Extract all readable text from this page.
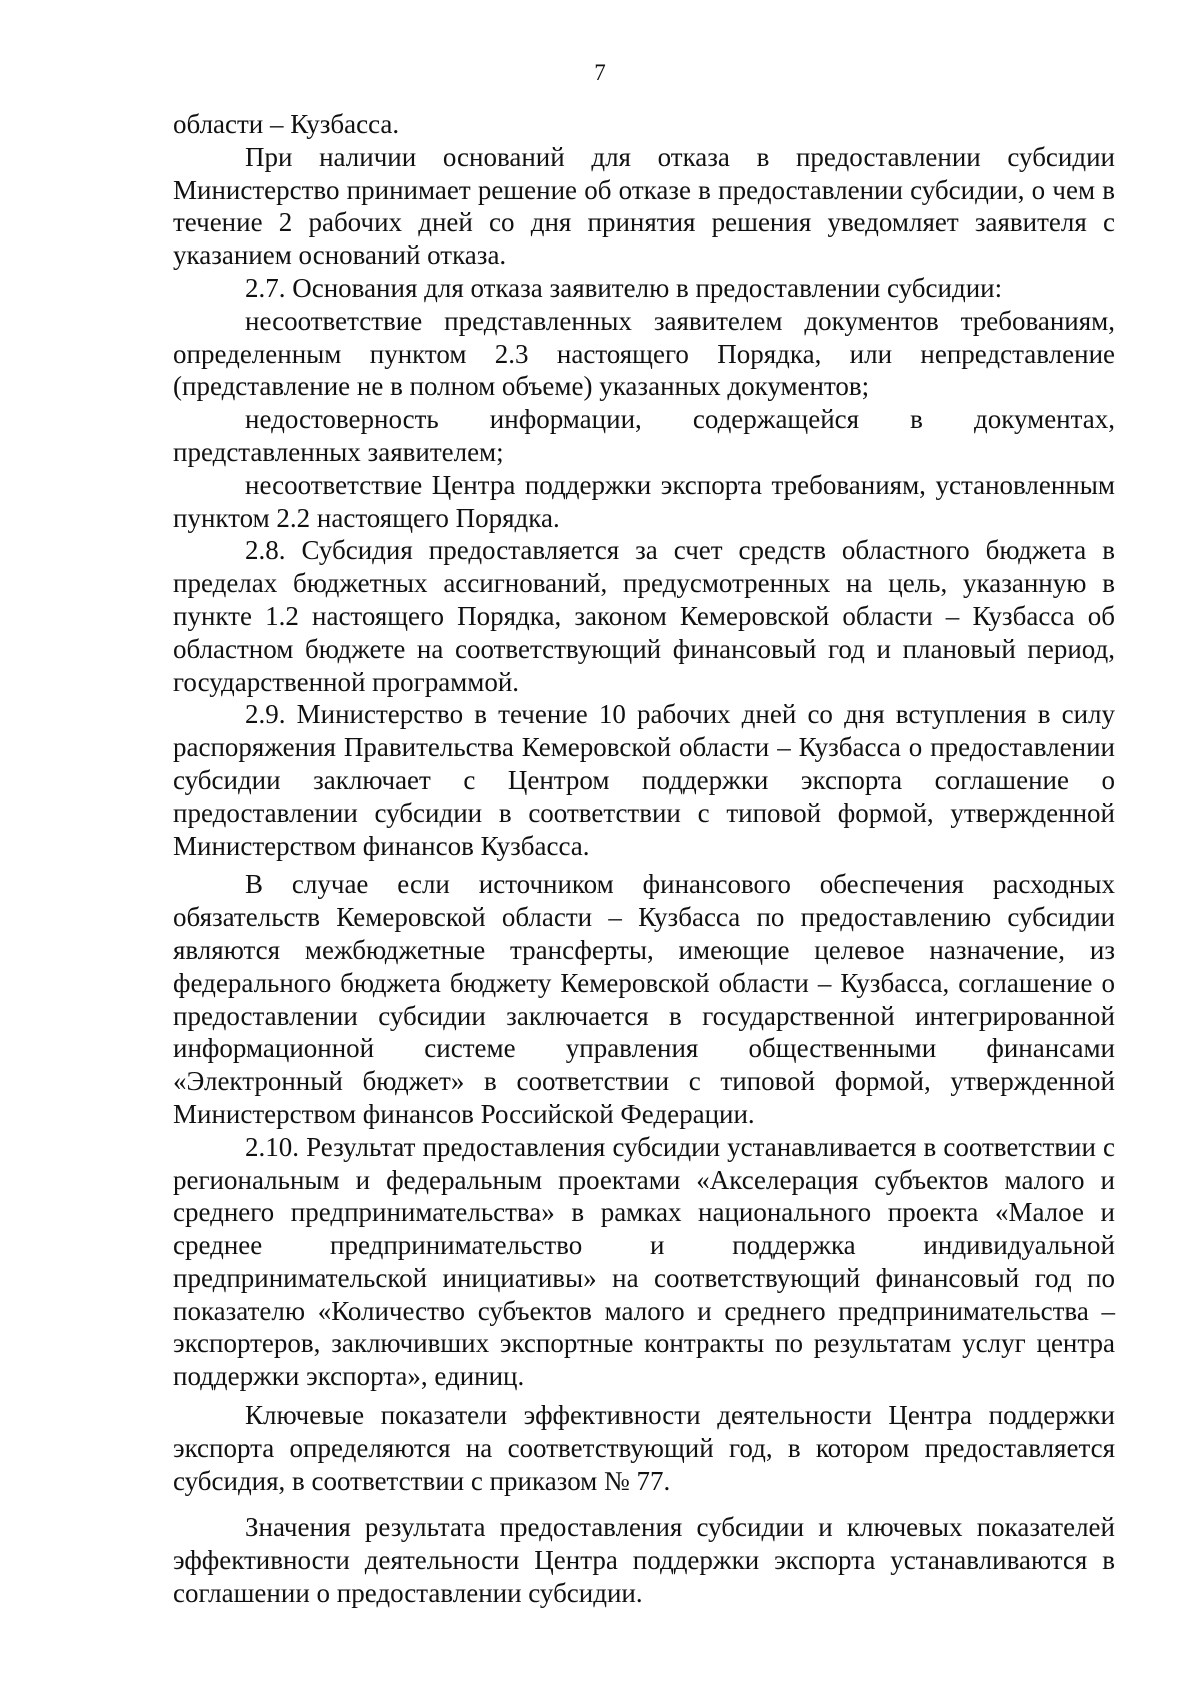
7

области – Кузбасса.

При наличии оснований для отказа в предоставлении субсидии Министерство принимает решение об отказе в предоставлении субсидии, о чем в течение 2 рабочих дней со дня принятия решения уведомляет заявителя с указанием оснований отказа.

2.7. Основания для отказа заявителю в предоставлении субсидии:

несоответствие представленных заявителем документов требованиям, определенным пунктом 2.3 настоящего Порядка, или непредставление (представление не в полном объеме) указанных документов;

недостоверность информации, содержащейся в документах, представленных заявителем;

несоответствие Центра поддержки экспорта требованиям, установленным пунктом 2.2 настоящего Порядка.

2.8. Субсидия предоставляется за счет средств областного бюджета в пределах бюджетных ассигнований, предусмотренных на цель, указанную в пункте 1.2 настоящего Порядка, законом Кемеровской области – Кузбасса об областном бюджете на соответствующий финансовый год и плановый период, государственной программой.

2.9. Министерство в течение 10 рабочих дней со дня вступления в силу распоряжения Правительства Кемеровской области – Кузбасса о предоставлении субсидии заключает с Центром поддержки экспорта соглашение о предоставлении субсидии в соответствии с типовой формой, утвержденной Министерством финансов Кузбасса.

В случае если источником финансового обеспечения расходных обязательств Кемеровской области – Кузбасса по предоставлению субсидии являются межбюджетные трансферты, имеющие целевое назначение, из федерального бюджета бюджету Кемеровской области – Кузбасса, соглашение о предоставлении субсидии заключается в государственной интегрированной информационной системе управления общественными финансами «Электронный бюджет» в соответствии с типовой формой, утвержденной Министерством финансов Российской Федерации.

2.10. Результат предоставления субсидии устанавливается в соответствии с региональным и федеральным проектами «Акселерация субъектов малого и среднего предпринимательства» в рамках национального проекта «Малое и среднее предпринимательство и поддержка индивидуальной предпринимательской инициативы» на соответствующий финансовый год по показателю «Количество субъектов малого и среднего предпринимательства – экспортеров, заключивших экспортные контракты по результатам услуг центра поддержки экспорта», единиц.

Ключевые показатели эффективности деятельности Центра поддержки экспорта определяются на соответствующий год, в котором предоставляется субсидия, в соответствии с приказом № 77.

Значения результата предоставления субсидии и ключевых показателей эффективности деятельности Центра поддержки экспорта устанавливаются в соглашении о предоставлении субсидии.
